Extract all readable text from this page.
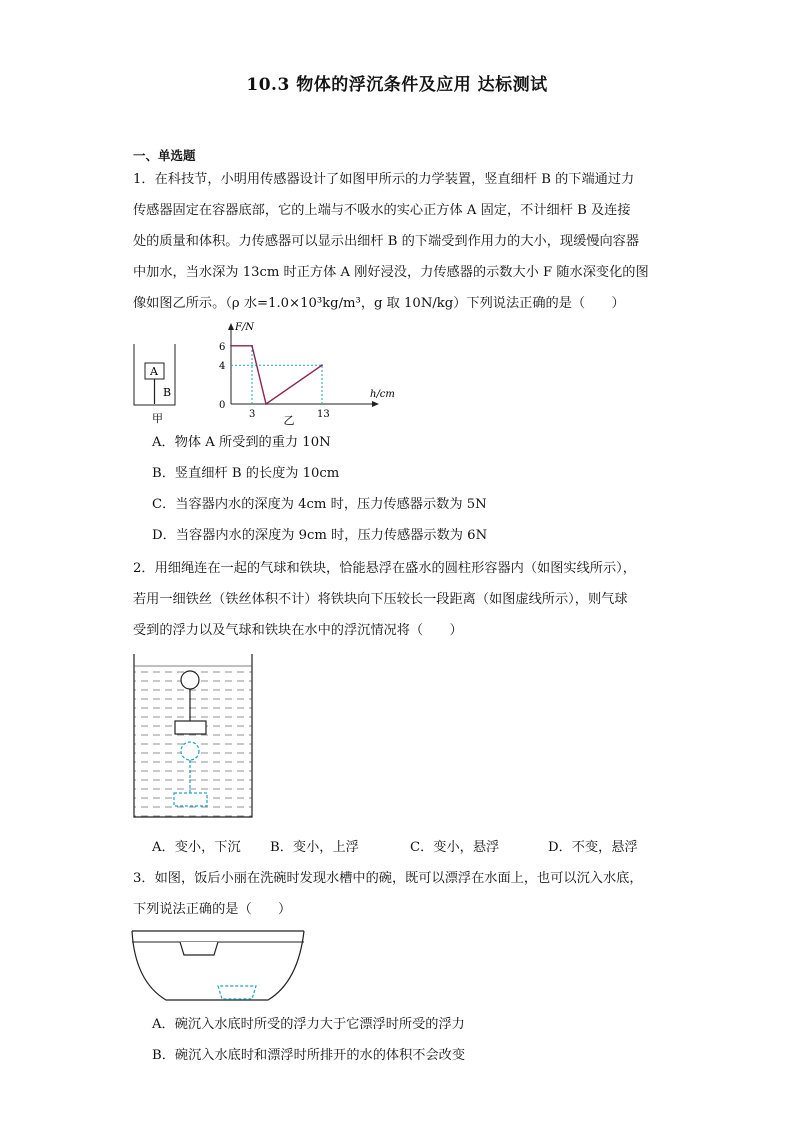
10.3 物体的浮沉条件及应用 达标测试
一、单选题
1．在科技节，小明用传感器设计了如图甲所示的力学装置，竖直细杆 B 的下端通过力
传感器固定在容器底部，它的上端与不吸水的实心正方体 A 固定，不计细杆 B 及连接
处的质量和体积。力传感器可以显示出细杆 B 的下端受到作用力的大小，现缓慢向容器
中加水，当水深为 13cm 时正方体 A 刚好浸没，力传感器的示数大小 F 随水深变化的图
像如图乙所示。（ρ 水=1.0×10³kg/m³，g 取 10N/kg）下列说法正确的是（　　）
A
B
甲
F/N
h/cm
6
4
0
3	13
乙
A．物体 A 所受到的重力 10N
B．竖直细杆 B 的长度为 10cm
C．当容器内水的深度为 4cm 时，压力传感器示数为 5N
D．当容器内水的深度为 9cm 时，压力传感器示数为 6N
2．用细绳连在一起的气球和铁块，恰能悬浮在盛水的圆柱形容器内（如图实线所示），
若用一细铁丝（铁丝体积不计）将铁块向下压较长一段距离（如图虚线所示），则气球
受到的浮力以及气球和铁块在水中的浮沉情况将（　　）
A．变小，下沉 B．变小，上浮	C．变小，悬浮	D．不变，悬浮
3．如图，饭后小丽在洗碗时发现水槽中的碗，既可以漂浮在水面上，也可以沉入水底，
下列说法正确的是（　　）
A．碗沉入水底时所受的浮力大于它漂浮时所受的浮力
B．碗沉入水底时和漂浮时所排开的水的体积不会改变
